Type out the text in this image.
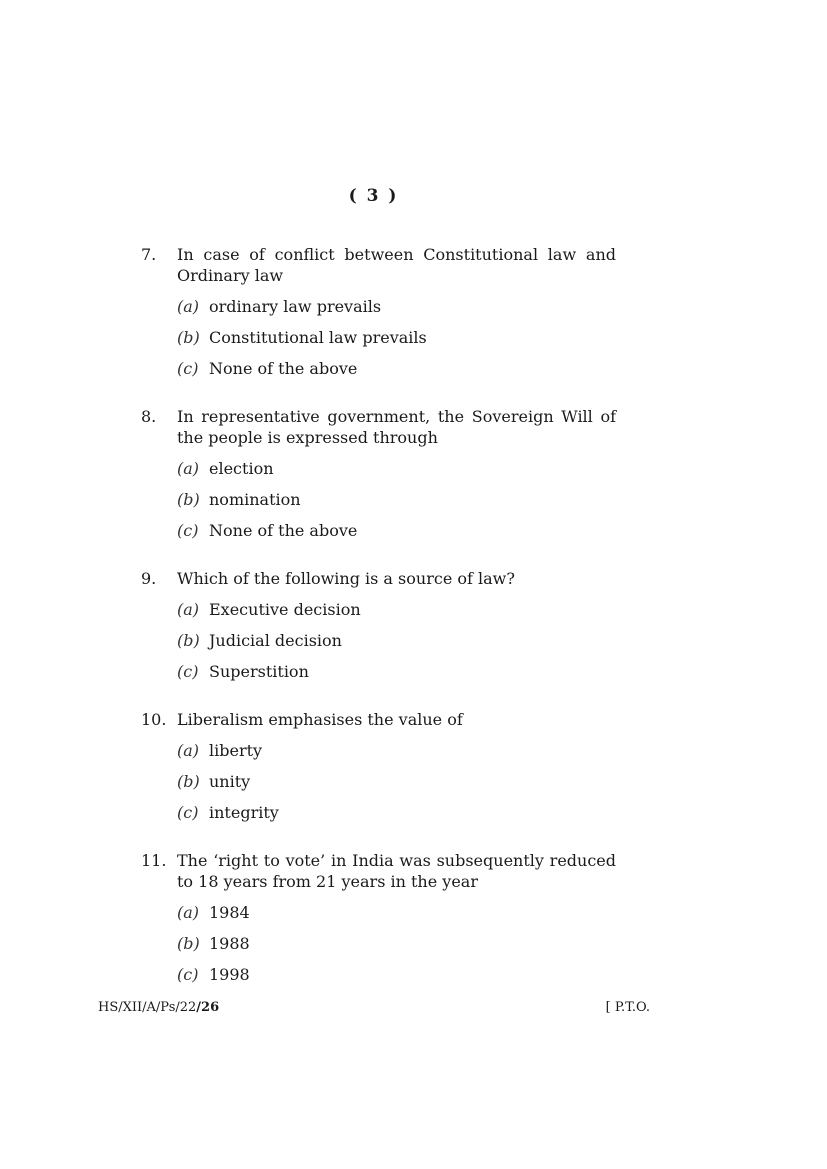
( 3 )
7. In case of conflict between Constitutional law and Ordinary law
(a) ordinary law prevails
(b) Constitutional law prevails
(c) None of the above
8. In representative government, the Sovereign Will of the people is expressed through
(a) election
(b) nomination
(c) None of the above
9. Which of the following is a source of law?
(a) Executive decision
(b) Judicial decision
(c) Superstition
10. Liberalism emphasises the value of
(a) liberty
(b) unity
(c) integrity
11. The ‘right to vote’ in India was subsequently reduced to 18 years from 21 years in the year
(a) 1984
(b) 1988
(c) 1998
HS/XII/A/Ps/22/26	[ P.T.O.
